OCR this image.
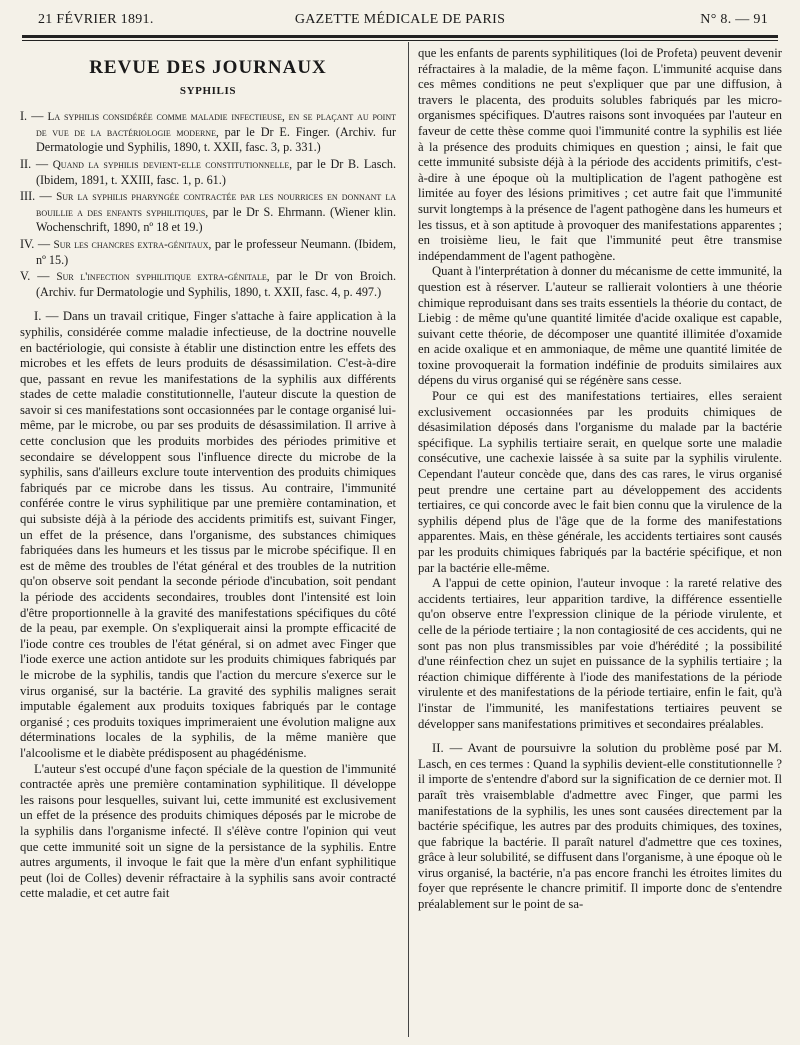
21 FÉVRIER 1891.	GAZETTE MÉDICALE DE PARIS	N° 8. — 91
REVUE DES JOURNAUX
SYPHILIS
I. — La syphilis considérée comme maladie infectieuse, en se plaçant au point de vue de la bactériologie moderne, par le Dr E. Finger. (Archiv. fur Dermatologie und Syphilis, 1890, t. XXII, fasc. 3, p. 331.)
II. — Quand la syphilis devient-elle constitutionnelle, par le Dr B. Lasch. (Ibidem, 1891, t. XXIII, fasc. 1, p. 61.)
III. — Sur la syphilis pharyngée contractée par les nourrices en donnant la bouillie a des enfants syphilitiques, par le Dr S. Ehrmann. (Wiener klin. Wochenschrift, 1890, nº 18 et 19.)
IV. — Sur les chancres extra-génitaux, par le professeur Neumann. (Ibidem, nº 15.)
V. — Sur l'infection syphilitique extra-génitale, par le Dr von Broich. (Archiv. fur Dermatologie und Syphilis, 1890, t. XXII, fasc. 4, p. 497.)

I. — Dans un travail critique, Finger s'attache à faire application à la syphilis, considérée comme maladie infectieuse, de la doctrine nouvelle en bactériologie, qui consiste à établir une distinction entre les effets des microbes et les effets de leurs produits de désassimilation. C'est-à-dire que, passant en revue les manifestations de la syphilis aux différents stades de cette maladie constitutionnelle, l'auteur discute la question de savoir si ces manifestations sont occasionnées par le contage organisé lui-même, par le microbe, ou par ses produits de désassimilation. Il arrive à cette conclusion que les produits morbides des périodes primitive et secondaire se développent sous l'influence directe du microbe de la syphilis, sans d'ailleurs exclure toute intervention des produits chimiques fabriqués par ce microbe dans les tissus. Au contraire, l'immunité conférée contre le virus syphilitique par une première contamination, et qui subsiste déjà à la période des accidents primitifs est, suivant Finger, un effet de la présence, dans l'organisme, des substances chimiques fabriquées dans les humeurs et les tissus par le microbe spécifique. Il en est de même des troubles de l'état général et des troubles de la nutrition qu'on observe soit pendant la seconde période d'incubation, soit pendant la période des accidents secondaires, troubles dont l'intensité est loin d'être proportionnelle à la gravité des manifestations spécifiques du côté de la peau, par exemple. On s'expliquerait ainsi la prompte efficacité de l'iode contre ces troubles de l'état général, si on admet avec Finger que l'iode exerce une action antidote sur les produits chimiques fabriqués par le microbe de la syphilis, tandis que l'action du mercure s'exerce sur le virus organisé, sur la bactérie. La gravité des syphilis malignes serait imputable également aux produits toxiques fabriqués par le contage organisé ; ces produits toxiques imprimeraient une évolution maligne aux déterminations locales de la syphilis, de la même manière que l'alcoolisme et le diabète prédisposent au phagédénisme.

L'auteur s'est occupé d'une façon spéciale de la question de l'immunité contractée après une première contamination syphilitique. Il développe les raisons pour lesquelles, suivant lui, cette immunité est exclusivement un effet de la présence des produits chimiques déposés par le microbe de la syphilis dans l'organisme infecté. Il s'élève contre l'opinion qui veut que cette immunité soit un signe de la persistance de la syphilis. Entre autres arguments, il invoque le fait que la mère d'un enfant syphilitique peut (loi de Colles) devenir réfractaire à la syphilis sans avoir contracté cette maladie, et cet autre fait

que les enfants de parents syphilitiques (loi de Profeta) peuvent devenir réfractaires à la maladie, de la même façon. L'immunité acquise dans ces mêmes conditions ne peut s'expliquer que par une diffusion, à travers le placenta, des produits solubles fabriqués par les micro-organismes spécifiques. D'autres raisons sont invoquées par l'auteur en faveur de cette thèse comme quoi l'immunité contre la syphilis est liée à la présence des produits chimiques en question ; ainsi, le fait que cette immunité subsiste déjà à la période des accidents primitifs, c'est-à-dire à une époque où la multiplication de l'agent pathogène est limitée au foyer des lésions primitives ; cet autre fait que l'immunité survit longtemps à la présence de l'agent pathogène dans les humeurs et les tissus, et à son aptitude à provoquer des manifestations apparentes ; en troisième lieu, le fait que l'immunité peut être transmise indépendamment de l'agent pathogène.

Quant à l'interprétation à donner du mécanisme de cette immunité, la question est à réserver. L'auteur se rallierait volontiers à une théorie chimique reproduisant dans ses traits essentiels la théorie du contact, de Liebig : de même qu'une quantité limitée d'acide oxalique est capable, suivant cette théorie, de décomposer une quantité illimitée d'oxamide en acide oxalique et en ammoniaque, de même une quantité limitée de toxine provoquerait la formation indéfinie de produits similaires aux dépens du virus organisé qui se régénère sans cesse.

Pour ce qui est des manifestations tertiaires, elles seraient exclusivement occasionnées par les produits chimiques de désasimilation déposés dans l'organisme du malade par la bactérie spécifique. La syphilis tertiaire serait, en quelque sorte une maladie consécutive, une cachexie laissée à sa suite par la syphilis virulente. Cependant l'auteur concède que, dans des cas rares, le virus organisé peut prendre une certaine part au développement des accidents tertiaires, ce qui concorde avec le fait bien connu que la virulence de la syphilis dépend plus de l'âge que de la forme des manifestations apparentes. Mais, en thèse générale, les accidents tertiaires sont causés par les produits chimiques fabriqués par la bactérie spécifique, et non par la bactérie elle-même.

A l'appui de cette opinion, l'auteur invoque : la rareté relative des accidents tertiaires, leur apparition tardive, la différence essentielle qu'on observe entre l'expression clinique de la période virulente, et celle de la période tertiaire ; la non contagiosité de ces accidents, qui ne sont pas non plus transmissibles par voie d'hérédité ; la possibilité d'une réinfection chez un sujet en puissance de la syphilis tertiaire ; la réaction chimique différente à l'iode des manifestations de la période virulente et des manifestations de la période tertiaire, enfin le fait, qu'à l'instar de l'immunité, les manifestations tertiaires peuvent se développer sans manifestations primitives et secondaires préalables.

II. — Avant de poursuivre la solution du problème posé par M. Lasch, en ces termes : Quand la syphilis devient-elle constitutionnelle ? il importe de s'entendre d'abord sur la signification de ce dernier mot. Il paraît très vraisemblable d'admettre avec Finger, que parmi les manifestations de la syphilis, les unes sont causées directement par la bactérie spécifique, les autres par des produits chimiques, des toxines, que fabrique la bactérie. Il paraît naturel d'admettre que ces toxines, grâce à leur solubilité, se diffusent dans l'organisme, à une époque où le virus organisé, la bactérie, n'a pas encore franchi les étroites limites du foyer que représente le chancre primitif. Il importe donc de s'entendre préalablement sur le point de sa-
